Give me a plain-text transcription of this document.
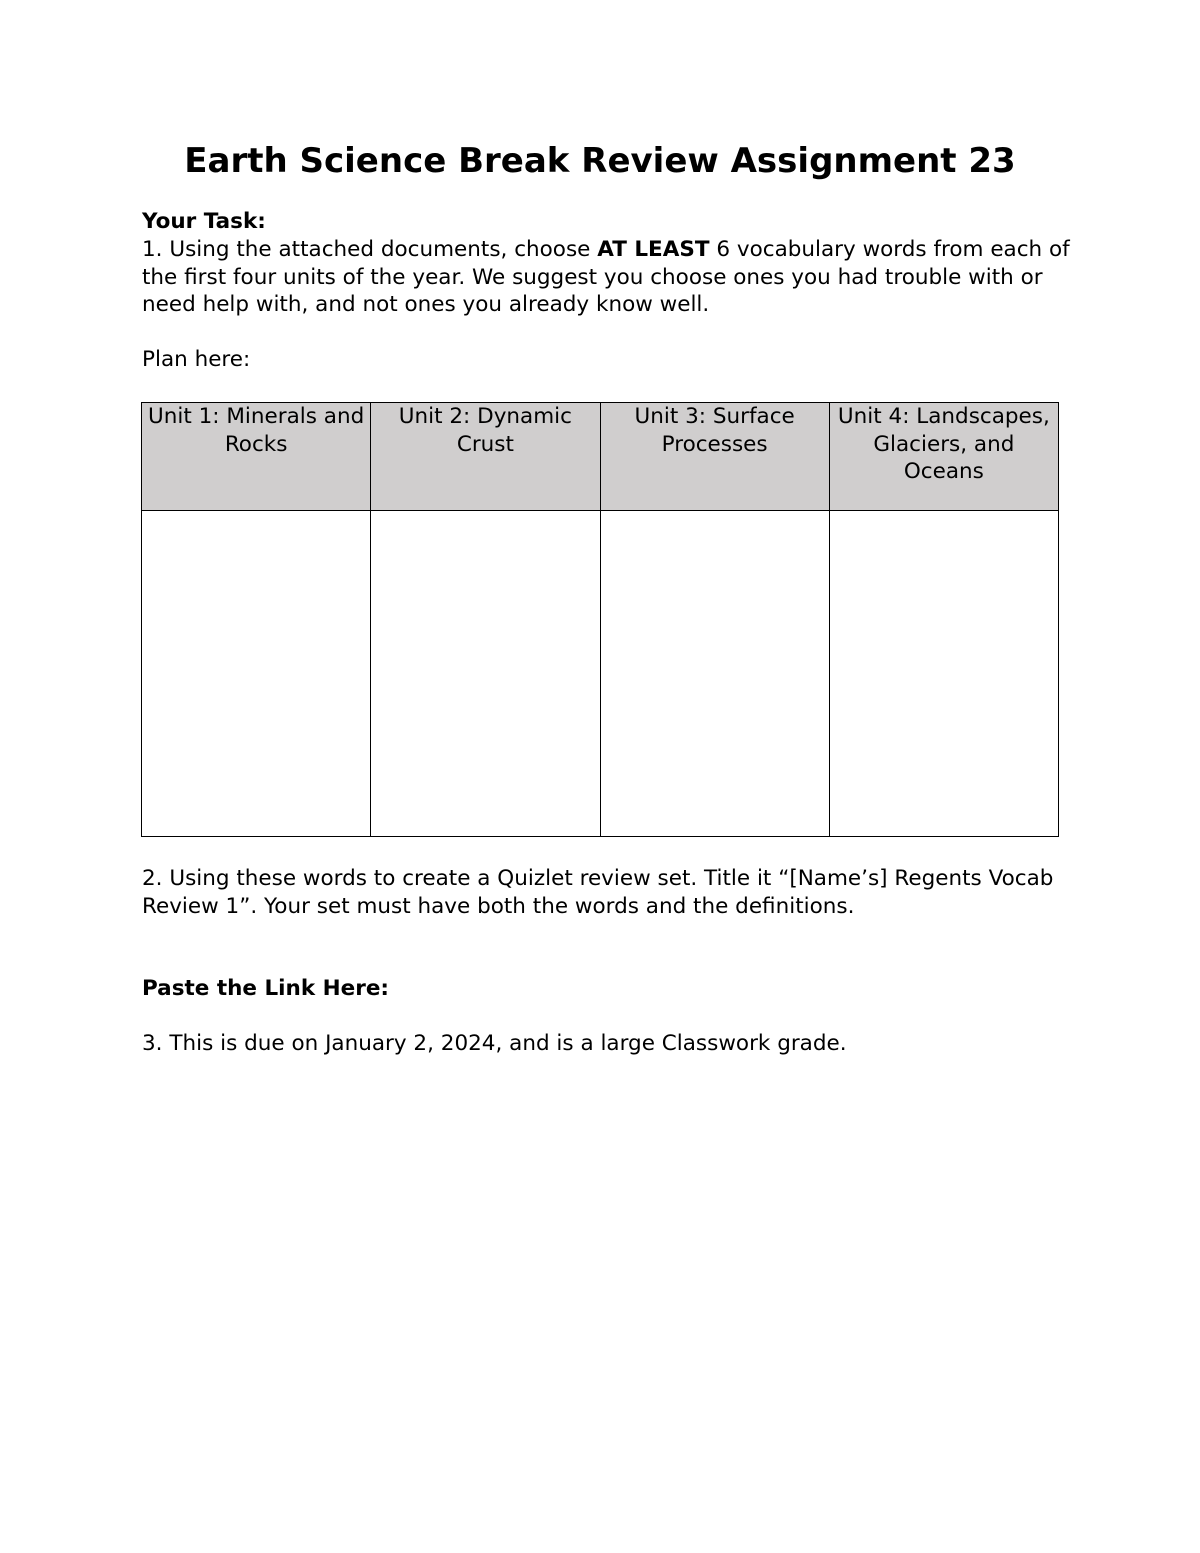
Earth Science Break Review Assignment 23

Your Task:

1. Using the attached documents, choose AT LEAST 6 vocabulary words from each of the first four units of the year. We suggest you choose ones you had trouble with or need help with, and not ones you already know well.

Plan here:

Unit 1: Minerals and Rocks	Unit 2: Dynamic Crust	Unit 3: Surface Processes	Unit 4: Landscapes, Glaciers, and Oceans

2. Using these words to create a Quizlet review set. Title it “[Name’s] Regents Vocab Review 1”. Your set must have both the words and the definitions.

Paste the Link Here:

3. This is due on January 2, 2024, and is a large Classwork grade.
